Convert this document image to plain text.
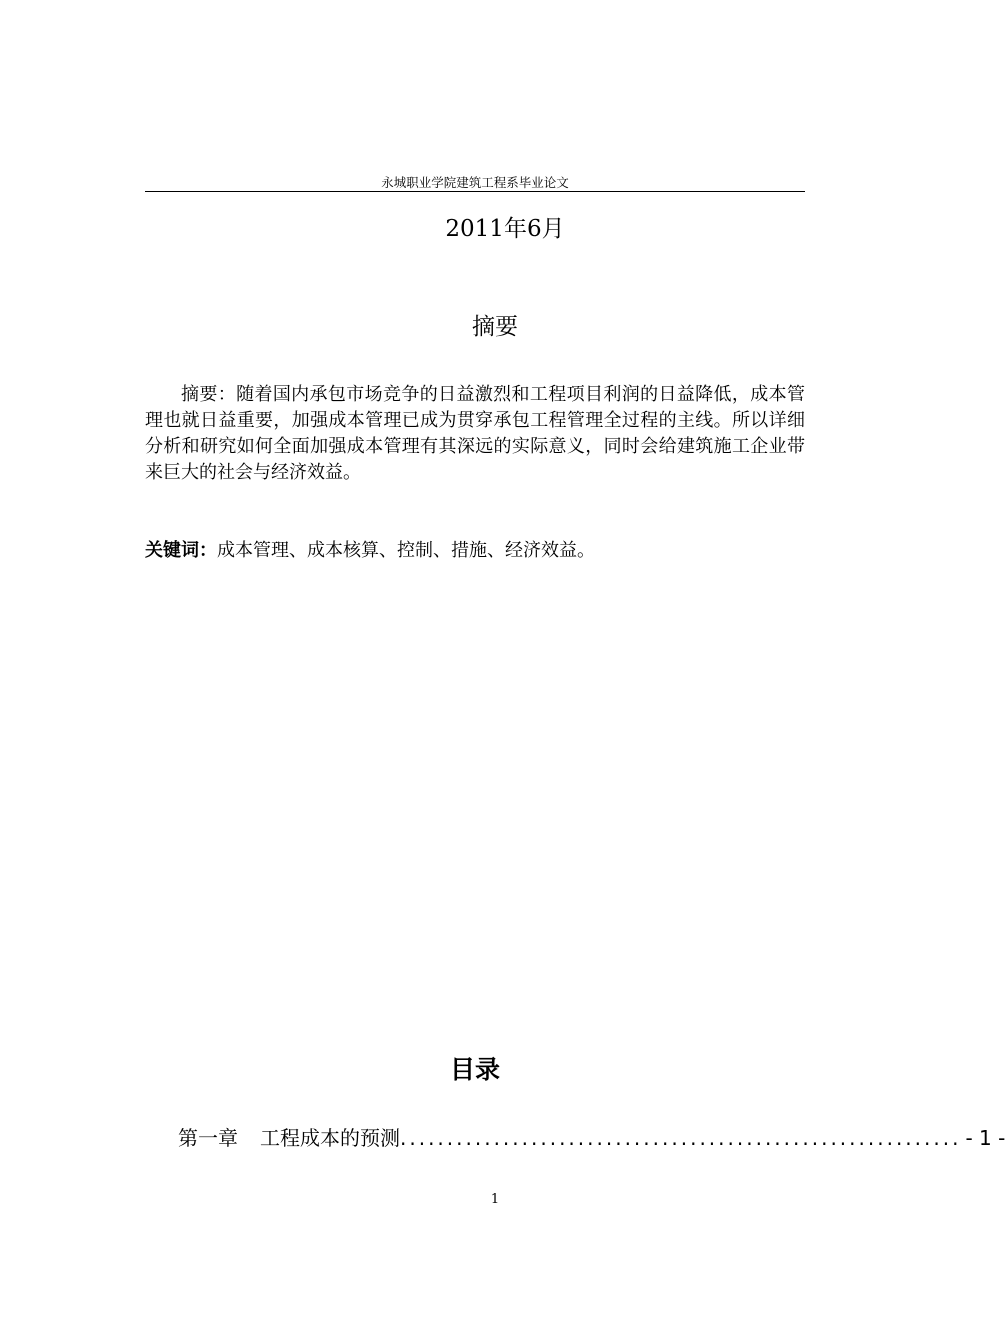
永城职业学院建筑工程系毕业论文
2011年6月
摘要

摘要：随着国内承包市场竞争的日益激烈和工程项目利润的日益降低，成本管理也就日益重要，加强成本管理已成为贯穿承包工程管理全过程的主线。所以详细分析和研究如何全面加强成本管理有其深远的实际意义，同时会给建筑施工企业带来巨大的社会与经济效益。

关键词：成本管理、成本核算、控制、措施、经济效益。

目录
第一章 工程成本的预测 ............................................................ - 1 -
1
